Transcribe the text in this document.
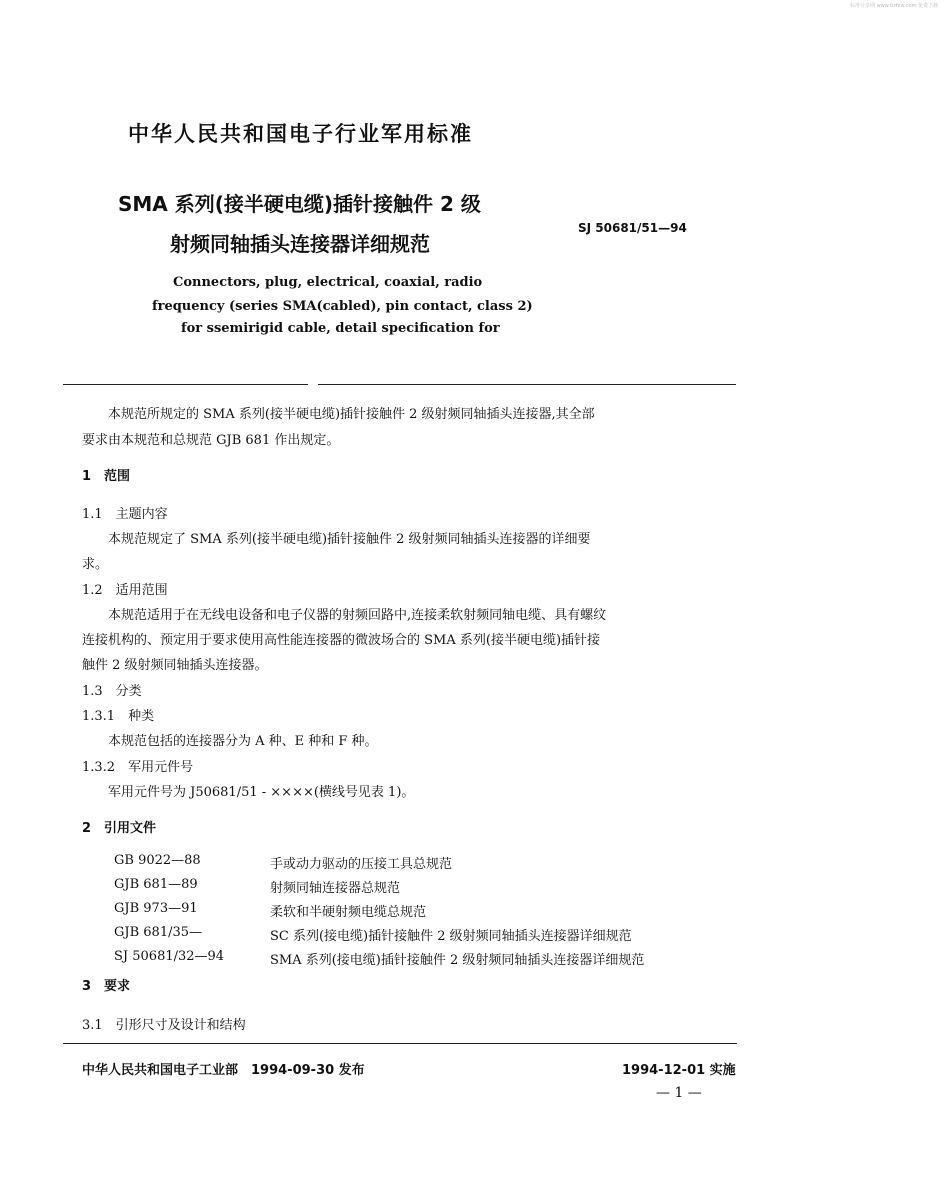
标准分享网 www.bzfxw.com 免费下载
中华人民共和国电子行业军用标准
SMA 系列(接半硬电缆)插针接触件 2 级
射频同轴插头连接器详细规范
SJ 50681/51—94
Connectors, plug, electrical, coaxial, radio
frequency (series SMA(cabled), pin contact, class 2)
for ssemirigid cable, detail specification for
本规范所规定的 SMA 系列(接半硬电缆)插针接触件 2 级射频同轴插头连接器,其全部
要求由本规范和总规范 GJB 681 作出规定。
1　范围
1.1　主题内容
本规范规定了 SMA 系列(接半硬电缆)插针接触件 2 级射频同轴插头连接器的详细要
求。
1.2　适用范围
本规范适用于在无线电设备和电子仪器的射频回路中,连接柔软射频同轴电缆、具有螺纹
连接机构的、预定用于要求使用高性能连接器的微波场合的 SMA 系列(接半硬电缆)插针接
触件 2 级射频同轴插头连接器。
1.3　分类
1.3.1　种类
本规范包括的连接器分为 A 种、E 种和 F 种。
1.3.2　军用元件号
军用元件号为 J50681/51 - ××××(横线号见表 1)。
2　引用文件
GB 9022—88	手或动力驱动的压接工具总规范
GJB 681—89	射频同轴连接器总规范
GJB 973—91	柔软和半硬射频电缆总规范
GJB 681/35—	SC 系列(接电缆)插针接触件 2 级射频同轴插头连接器详细规范
SJ 50681/32—94	SMA 系列(接电缆)插针接触件 2 级射频同轴插头连接器详细规范
3　要求
3.1　引形尺寸及设计和结构
中华人民共和国电子工业部　1994-09-30 发布	1994-12-01 实施
— 1 —
